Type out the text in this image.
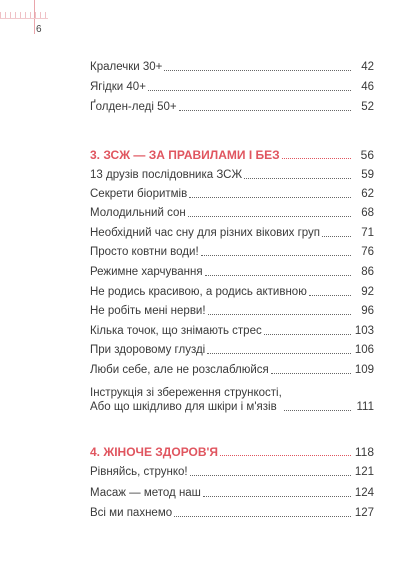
6
Кралечки 30+	42
Ягідки 40+	46
Ґолден-леді 50+	52
3. ЗСЖ — ЗА ПРАВИЛАМИ І БЕЗ	56
13 друзів послідовника ЗСЖ	59
Секрети біоритмів	62
Молодильний сон	68
Необхідний час сну для різних вікових груп	71
Просто ковтни води!	76
Режимне харчування	86
Не родись красивою, а родись активною	92
Не робіть мені нерви!	96
Кілька точок, що знімають стрес	103
При здоровому глузді	106
Люби себе, але не розслаблюйся	109
Інструкція зі збереження стрункості,
Або що шкідливо для шкіри і м'язів	111
4. ЖІНОЧЕ ЗДОРОВ'Я	118
Рівняйсь, струнко!	121
Масаж — метод наш	124
Всі ми пахнемо	127
